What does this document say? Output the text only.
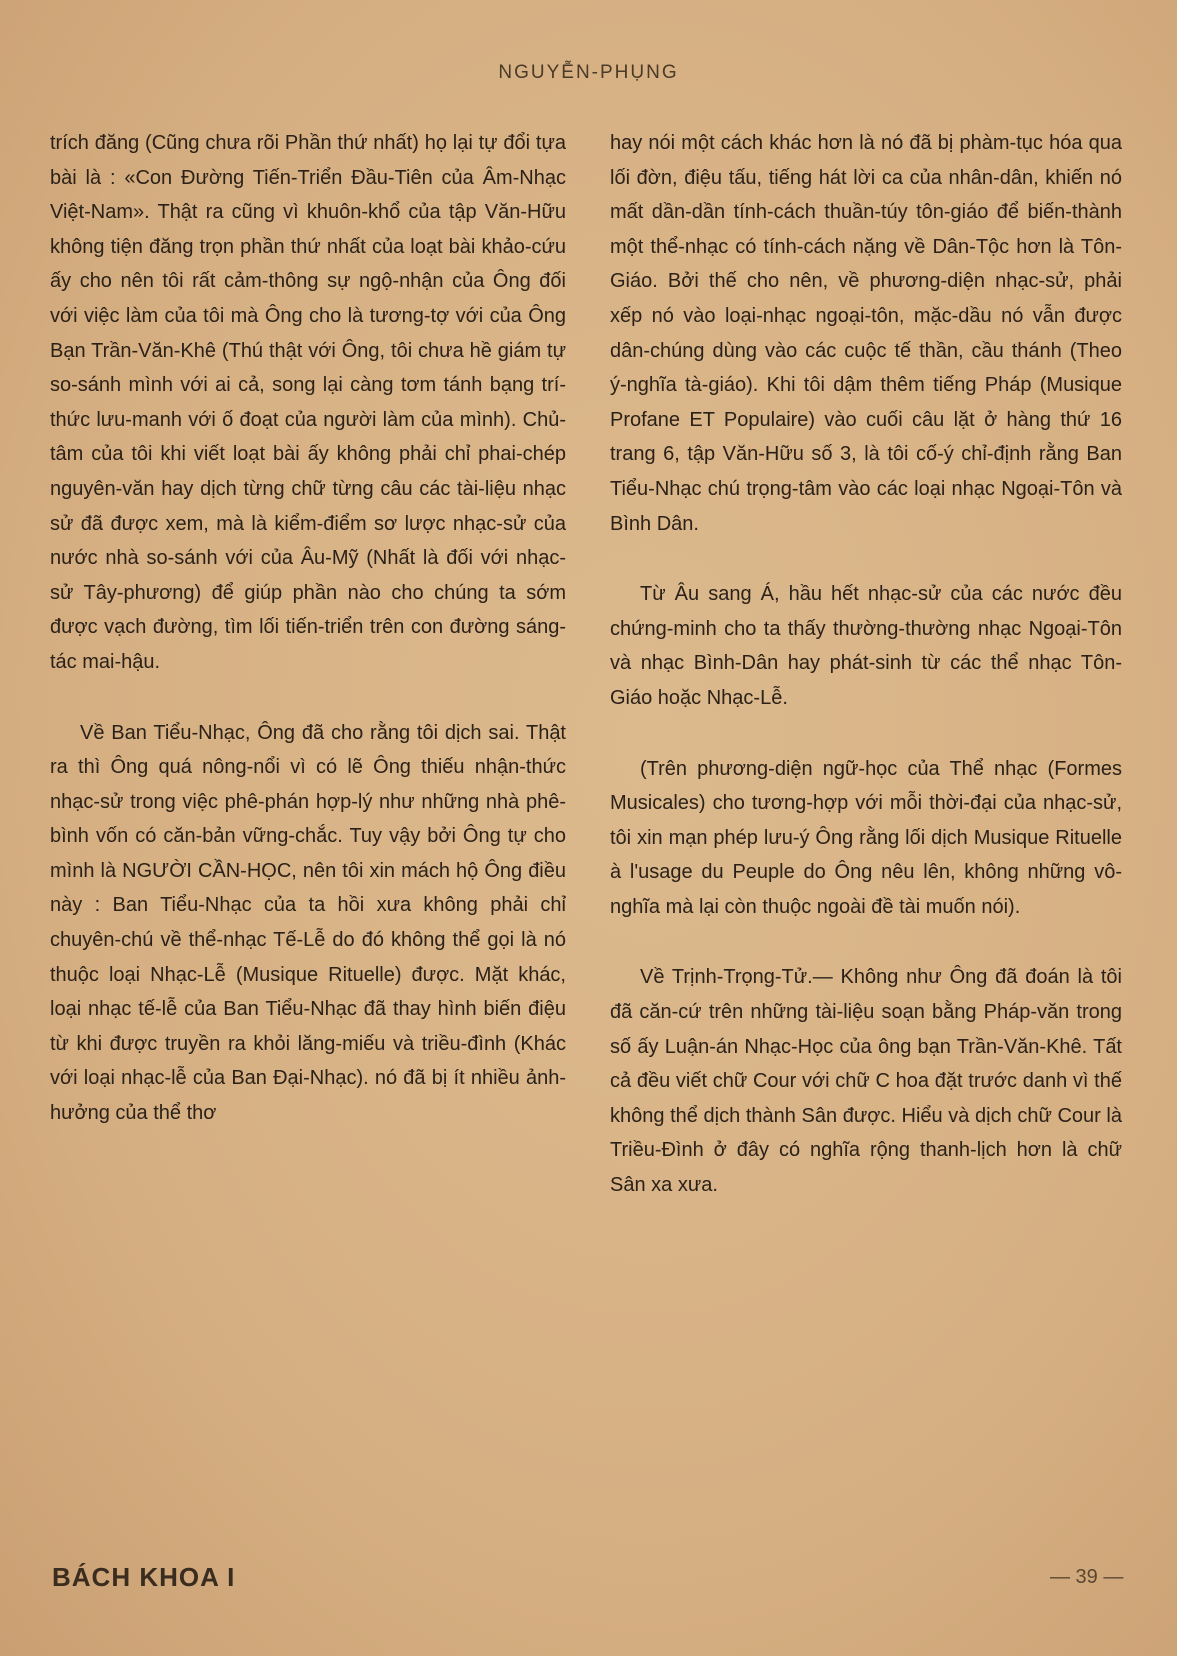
NGUYỄN-PHỤNG

trích đăng (Cũng chưa rõi Phần thứ nhất) họ lại tự đổi tựa bài là : «Con Đường Tiến-Triển Đầu-Tiên của Âm-Nhạc Việt-Nam». Thật ra cũng vì khuôn-khổ của tập Văn-Hữu không tiện đăng trọn phần thứ nhất của loạt bài khảo-cứu ấy cho nên tôi rất cảm-thông sự ngộ-nhận của Ông đối với việc làm của tôi mà Ông cho là tương-tợ với của Ông Bạn Trần-Văn-Khê (Thú thật với Ông, tôi chưa hề giám tự so-sánh mình với ai cả, song lại càng tơm tánh bạng trí-thức lưu-manh với ố đoạt của người làm của mình). Chủ-tâm của tôi khi viết loạt bài ấy không phải chỉ phai-chép nguyên-văn hay dịch từng chữ từng câu các tài-liệu nhạc sử đã được xem, mà là kiểm-điểm sơ lược nhạc-sử của nước nhà so-sánh với của Âu-Mỹ (Nhất là đối với nhạc-sử Tây-phương) để giúp phần nào cho chúng ta sớm được vạch đường, tìm lối tiến-triển trên con đường sáng-tác mai-hậu.

Về Ban Tiểu-Nhạc, Ông đã cho rằng tôi dịch sai. Thật ra thì Ông quá nông-nổi vì có lẽ Ông thiếu nhận-thức nhạc-sử trong việc phê-phán hợp-lý như những nhà phê-bình vốn có căn-bản vững-chắc. Tuy vậy bởi Ông tự cho mình là NGƯỜI CẦN-HỌC, nên tôi xin mách hộ Ông điều này : Ban Tiểu-Nhạc của ta hồi xưa không phải chỉ chuyên-chú về thể-nhạc Tế-Lễ do đó không thể gọi là nó thuộc loại Nhạc-Lễ (Musique Rituelle) được. Mặt khác, loại nhạc tế-lễ của Ban Tiểu-Nhạc đã thay hình biến điệu từ khi được truyền ra khỏi lăng-miếu và triều-đình (Khác với loại nhạc-lễ của Ban Đại-Nhạc). nó đã bị ít nhiều ảnh-hưởng của thể thơ

hay nói một cách khác hơn là nó đã bị phàm-tục hóa qua lối đờn, điệu tấu, tiếng hát lời ca của nhân-dân, khiến nó mất dần-dần tính-cách thuần-túy tôn-giáo để biến-thành một thể-nhạc có tính-cách nặng về Dân-Tộc hơn là Tôn-Giáo. Bởi thế cho nên, về phương-diện nhạc-sử, phải xếp nó vào loại-nhạc ngoại-tôn, mặc-dầu nó vẫn được dân-chúng dùng vào các cuộc tế thần, cầu thánh (Theo ý-nghĩa tà-giáo). Khi tôi dậm thêm tiếng Pháp (Musique Profane ET Populaire) vào cuối câu lặt ở hàng thứ 16 trang 6, tập Văn-Hữu số 3, là tôi cố-ý chỉ-định rằng Ban Tiểu-Nhạc chú trọng-tâm vào các loại nhạc Ngoại-Tôn và Bình Dân.

Từ Âu sang Á, hầu hết nhạc-sử của các nước đều chứng-minh cho ta thấy thường-thường nhạc Ngoại-Tôn và nhạc Bình-Dân hay phát-sinh từ các thể nhạc Tôn-Giáo hoặc Nhạc-Lễ.

(Trên phương-diện ngữ-học của Thể nhạc (Formes Musicales) cho tương-hợp với mỗi thời-đại của nhạc-sử, tôi xin mạn phép lưu-ý Ông rằng lối dịch Musique Rituelle à l'usage du Peuple do Ông nêu lên, không những vô-nghĩa mà lại còn thuộc ngoài đề tài muốn nói).

Về Trịnh-Trọng-Tử.— Không như Ông đã đoán là tôi đã căn-cứ trên những tài-liệu soạn bằng Pháp-văn trong số ấy Luận-án Nhạc-Học của ông bạn Trần-Văn-Khê. Tất cả đều viết chữ Cour với chữ C hoa đặt trước danh vì thế không thể dịch thành Sân được. Hiểu và dịch chữ Cour là Triều-Đình ở đây có nghĩa rộng thanh-lịch hơn là chữ Sân xa xưa.

BÁCH KHOA I	— 39 —
